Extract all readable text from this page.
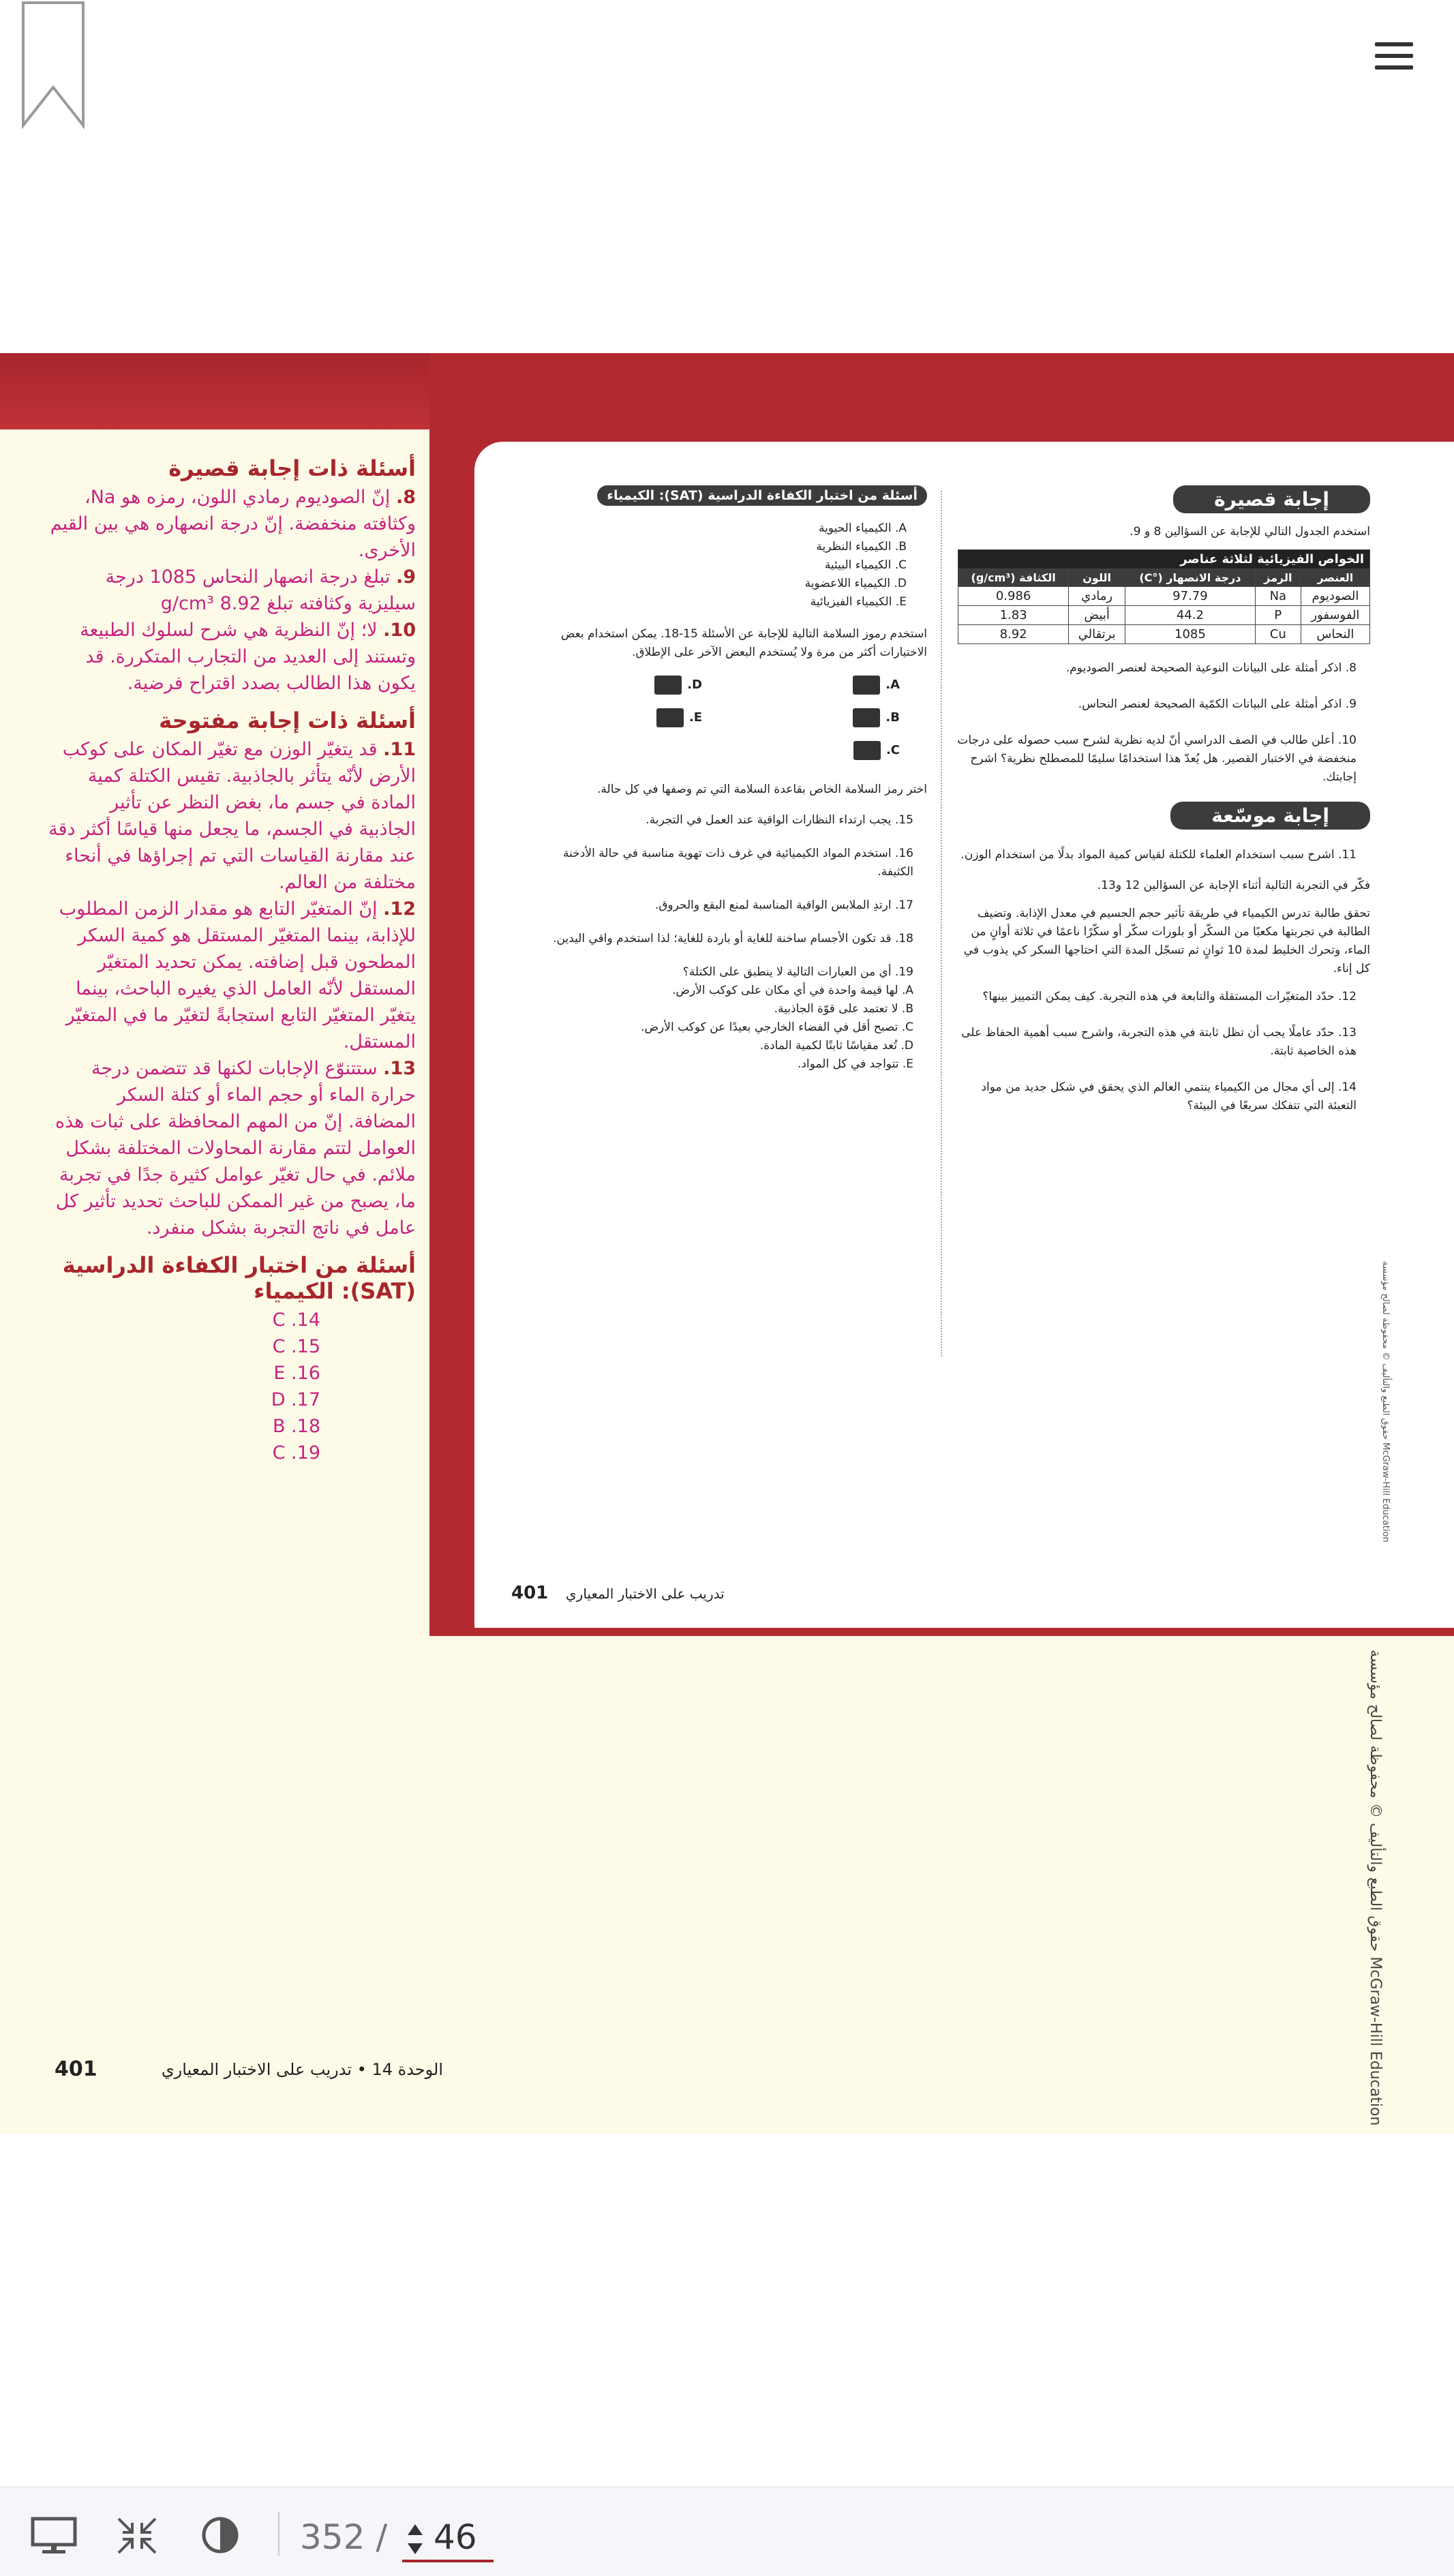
إجابة قصيرة
استخدم الجدول التالي للإجابة عن السؤالين 8 و 9.
الخواص الفيزيائية لثلاثة عناصر				
العنصر	الرمز	درجة الانصهار (°C)	اللون	الكثافة (g/cm³)
الصوديوم	Na	97.79	رمادي	0.986
الفوسفور	P	44.2	أبيض	1.83
النحاس	Cu	1085	برتقالي	8.92
8. اذكر أمثلة على البيانات النوعية الصحيحة لعنصر الصوديوم.
9. اذكر أمثلة على البيانات الكمّية الصحيحة لعنصر النحاس.
10. أعلن طالب في الصف الدراسي أنّ لديه نظرية لشرح سبب حصوله على درجات منخفضة في الاختبار القصير. هل يُعدّ هذا استخدامًا سليمًا للمصطلح نظرية؟ اشرح إجابتك.
إجابة موسّعة
11. اشرح سبب استخدام العلماء للكتلة لقياس كمية المواد بدلًا من استخدام الوزن.
فكّر في التجربة التالية أثناء الإجابة عن السؤالين 12 و13.
تحقق طالبة تدرس الكيمياء في طريقة تأثير حجم الجسيم في معدل الإذابة. وتضيف الطالبة في تجربتها مكعبًا من السكّر أو بلورات سكّر أو سكّرًا ناعمًا في ثلاثة أوانٍ من الماء، وتحرك الخليط لمدة 10 ثوانٍ ثم تسجّل المدة التي احتاجها السكر كي يذوب في كل إناء.
12. حدّد المتغيّرات المستقلة والتابعة في هذه التجربة. كيف يمكن التمييز بينها؟
13. حدّد عاملًا يجب أن تظل ثابتة في هذه التجربة، واشرح سبب أهمية الحفاظ على هذه الخاصية ثابتة.
14. إلى أي مجال من الكيمياء ينتمي العالم الذي يحقق في شكل جديد من مواد التعبئة التي تتفكك سريعًا في البيئة؟
أسئلة من اختبار الكفاءة الدراسية (SAT): الكيمياء
A. الكيمياء الحيوية
B. الكيمياء النظرية
C. الكيمياء البيئية
D. الكيمياء اللاعضوية
E. الكيمياء الفيزيائية
استخدم رموز السلامة التالية للإجابة عن الأسئلة 15-18. يمكن استخدام بعض الاختيارات أكثر من مرة ولا يُستخدم البعض الآخر على الإطلاق.
A.
B.
C.
D.
E.
اختر رمز السلامة الخاص بقاعدة السلامة التي تم وصفها في كل حالة.
15. يجب ارتداء النظارات الواقية عند العمل في التجربة.
16. استخدم المواد الكيميائية في غرف ذات تهوية مناسبة في حالة الأدخنة الكثيفة.
17. ارتدِ الملابس الواقية المناسبة لمنع البقع والحروق.
18. قد تكون الأجسام ساخنة للغاية أو باردة للغاية؛ لذا استخدم واقي اليدين.
19. أي من العبارات التالية لا ينطبق على الكتلة؟
A. لها قيمة واحدة في أي مكان على كوكب الأرض.
B. لا تعتمد على قوّة الجاذبية.
C. تصبح أقل في الفضاء الخارجي بعيدًا عن كوكب الأرض.
D. تُعد مقياسًا ثابتًا لكمية المادة.
E. تتواجد في كل المواد.
401 تدريب على الاختبار المعياري
حقوق الطبع والتأليف © محفوظة لصالح مؤسسة McGraw-Hill Education
حقوق الطبع والتأليف © محفوظة لصالح مؤسسة McGraw-Hill Education
أسئلة ذات إجابة قصيرة

8. إنّ الصوديوم رمادي اللون، رمزه هو Na، وكثافته منخفضة. إنّ درجة انصهاره هي بين القيم الأخرى.

9. تبلغ درجة انصهار النحاس 1085 درجة سيليزية وكثافته تبلغ 8.92 g/cm³

10. لا؛ إنّ النظرية هي شرح لسلوك الطبيعة وتستند إلى العديد من التجارب المتكررة. قد يكون هذا الطالب بصدد اقتراح فرضية.

أسئلة ذات إجابة مفتوحة

11. قد يتغيّر الوزن مع تغيّر المكان على كوكب الأرض لأنّه يتأثر بالجاذبية. تقيس الكتلة كمية المادة في جسم ما، بغض النظر عن تأثير الجاذبية في الجسم، ما يجعل منها قياسًا أكثر دقة عند مقارنة القياسات التي تم إجراؤها في أنحاء مختلفة من العالم.

12. إنّ المتغيّر التابع هو مقدار الزمن المطلوب للإذابة، بينما المتغيّر المستقل هو كمية السكر المطحون قبل إضافته. يمكن تحديد المتغيّر المستقل لأنّه العامل الذي يغيره الباحث، بينما يتغيّر المتغيّر التابع استجابةً لتغيّر ما في المتغيّر المستقل.

13. ستتنوّع الإجابات لكنها قد تتضمن درجة حرارة الماء أو حجم الماء أو كتلة السكر المضافة. إنّ من المهم المحافظة على ثبات هذه العوامل لتتم مقارنة المحاولات المختلفة بشكل ملائم. في حال تغيّر عوامل كثيرة جدًا في تجربة ما، يصبح من غير الممكن للباحث تحديد تأثير كل عامل في ناتج التجربة بشكل منفرد.

أسئلة من اختبار الكفاءة الدراسية (SAT): الكيمياء

C .14

C .15

E .16

D .17

B .18

C .19

401	الوحدة 14 • تدريب على الاختبار المعياري
352 / 46
